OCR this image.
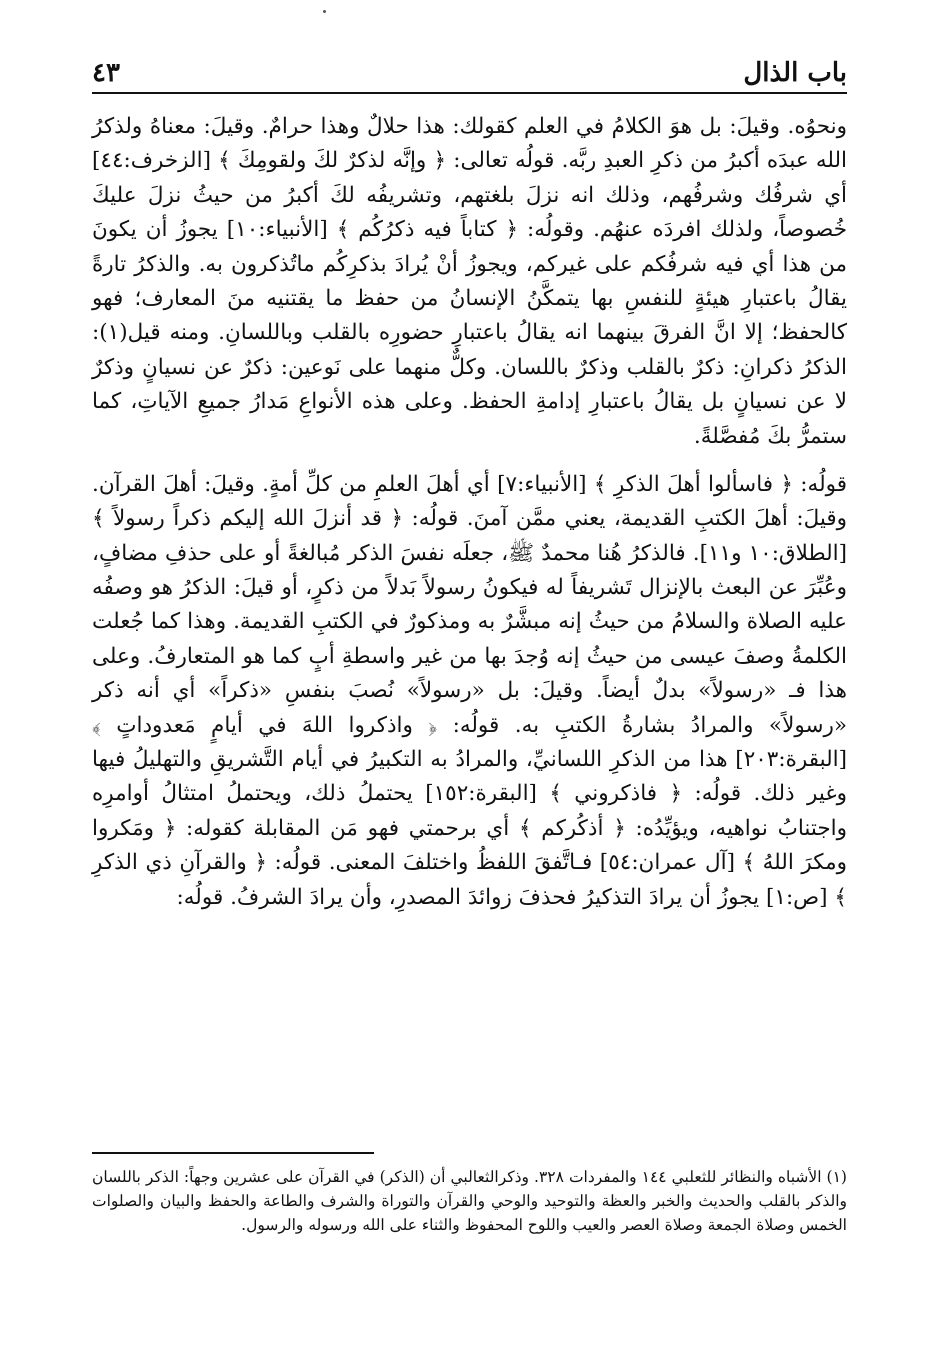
باب الذال
٤٣

ونحوُه. وقيلَ: بل هوَ الكلامُ في العلم كقولك: هذا حلالٌ وهذا حرامٌ. وقيلَ: معناهُ ولذكرُ الله عبدَه أكبرُ من ذكرِ العبدِ ربَّه. قولُه تعالى: ﴿ وإنَّه لذكرٌ لكَ ولقومِكَ ﴾ [الزخرف:٤٤] أي شرفُك وشرفُهم، وذلك انه نزلَ بلغتهم، وتشريفُه لكَ أكبرُ من حيثُ نزلَ عليكَ خُصوصاً، ولذلك افردَه عنهُم. وقولُه: ﴿ كتاباً فيه ذكرُكُم ﴾ [الأنبياء:١٠] يجوزُ أن يكونَ من هذا أي فيه شرفُكم على غيركم، ويجوزُ أنْ يُرادَ بذكرِكُم ماتُذكرون به. والذكرُ تارةً يقالُ باعتبارِ هيئةٍ للنفسِ بها يتمكَّنُ الإنسانُ من حفظ ما يقتنيه منَ المعارف؛ فهو كالحفظ؛ إلا انَّ الفرقَ بينهما انه يقالُ باعتبارِ حضورِه بالقلب وباللسانِ. ومنه قيل(١): الذكرُ ذكرانِ: ذكرٌ بالقلب وذكرٌ باللسان. وكلٌّ منهما على نَوعين: ذكرٌ عن نسيانٍ وذكرٌ لا عن نسيانٍ بل يقالُ باعتبارِ إدامةِ الحفظ. وعلى هذه الأنواعِ مَدارُ جميعِ الآياتِ، كما ستمرُّ بكَ مُفصَّلةً.

قولُه: ﴿ فاسألوا أهلَ الذكرِ ﴾ [الأنبياء:٧] أي أهلَ العلمِ من كلِّ أمةٍ. وقيلَ: أهلَ القرآن. وقيلَ: أهلَ الكتبِ القديمة، يعني ممَّن آمنَ. قولُه: ﴿ قد أنزلَ الله إليكم ذكراً رسولاً ﴾ [الطلاق:١٠ و١١]. فالذكرُ هُنا محمدٌ ﷺ، جعلَه نفسَ الذكر مُبالغةً أو على حذفِ مضافٍ، وعُبِّرَ عن البعث بالإنزال تَشريفاً له فيكونُ رسولاً بَدلاً من ذكرٍ، أو قيلَ: الذكرُ هو وصفُه عليه الصلاة والسلامُ من حيثُ إنه مبشَّرٌ به ومذكورٌ في الكتبِ القديمة. وهذا كما جُعلت الكلمةُ وصفَ عيسى من حيثُ إنه وُجدَ بها من غير واسطةِ أبٍ كما هو المتعارفُ. وعلى هذا فـ «رسولاً» بدلٌ أيضاً. وقيلَ: بل «رسولاً» نُصبَ بنفسِ «ذكراً» أي أنه ذكر «رسولاً» والمرادُ بشارةُ الكتبِ به. قولُه: ﴿ واذكروا اللهَ في أيامٍ مَعدوداتٍ ﴾ [البقرة:٢٠٣] هذا من الذكرِ اللسانيِّ، والمرادُ به التكبيرُ في أيام التَّشريقِ والتهليلُ فيها وغير ذلك. قولُه: ﴿ فاذكروني ﴾ [البقرة:١٥٢] يحتملُ ذلك، ويحتملُ امتثالُ أوامرِه واجتنابُ نواهيه، ويؤيِّدُه: ﴿ أذكُركم ﴾ أي برحمتي فهو مَن المقابلة كقوله: ﴿ ومَكروا ومكرَ اللهُ ﴾ [آل عمران:٥٤] فـاتَّفقَ اللفظُ واختلفَ المعنى. قولُه: ﴿ والقرآنِ ذي الذكرِ ﴾ [ص:١] يجوزُ أن يرادَ التذكيرُ فحذفَ زوائدَ المصدرِ، وأن يرادَ الشرفُ. قولُه:

(١) الأشباه والنظائر للثعلبي ١٤٤ والمفردات ٣٢٨. وذكرالثعالبي أن (الذكر) في القرآن على عشرين وجهاً: الذكر باللسان والذكر بالقلب والحديث والخبر والعظة والتوحيد والوحي والقرآن والتوراة والشرف والطاعة والحفظ والبيان والصلوات الخمس وصلاة الجمعة وصلاة العصر والعيب واللوح المحفوظ والثناء على الله ورسوله والرسول.
